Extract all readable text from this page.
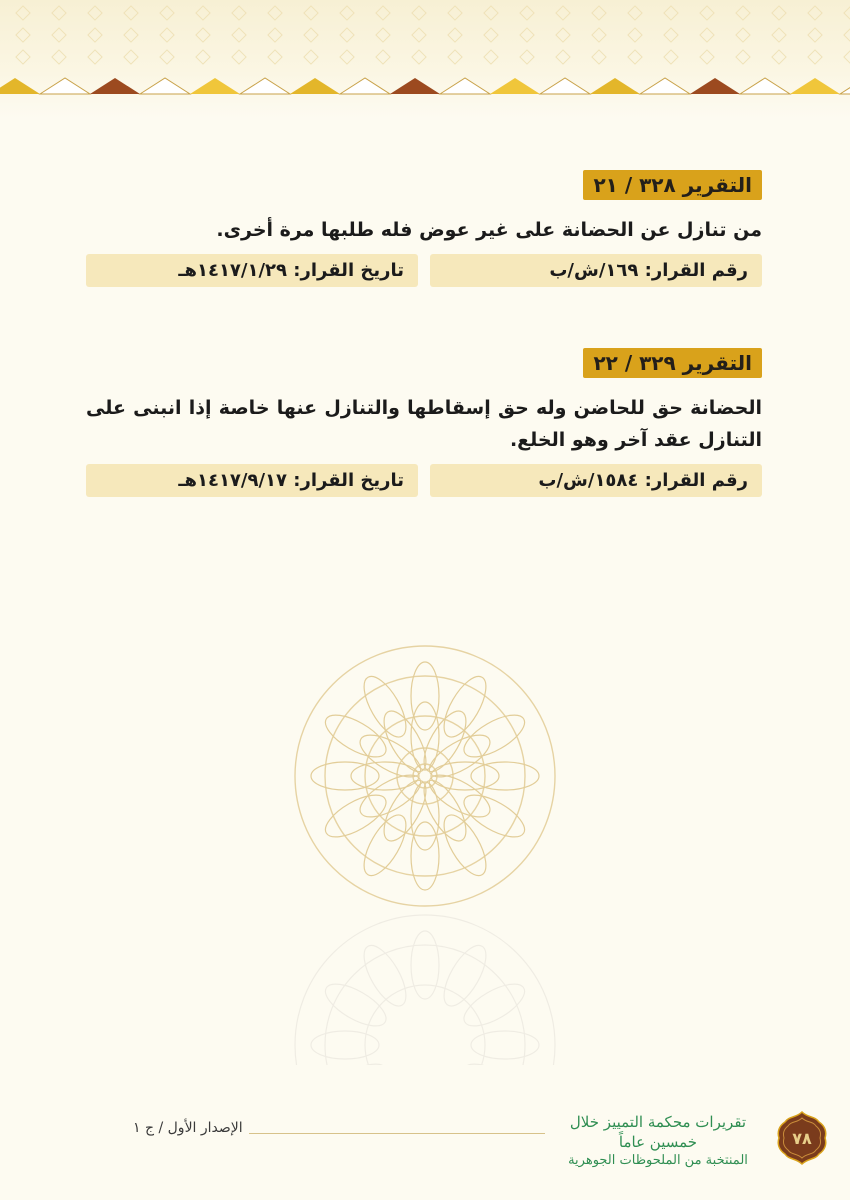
التقرير ٣٢٨ / ٢١
من تنازل عن الحضانة على غير عوض فله طلبها مرة أخرى.
رقم القرار: ١٦٩/ش/ب
تاريخ القرار: ١٤١٧/١/٢٩هـ
التقرير ٣٢٩ / ٢٢
الحضانة حق للحاضن وله حق إسقاطها والتنازل عنها خاصة إذا انبنى على التنازل عقد آخر وهو الخلع.
رقم القرار: ١٥٨٤/ش/ب
تاريخ القرار: ١٤١٧/٩/١٧هـ
الإصدار الأول / ج ١	تقريرات محكمة التمييز خلال خمسين عاماً
المنتخبة من الملحوظات الجوهرية
٧٨
